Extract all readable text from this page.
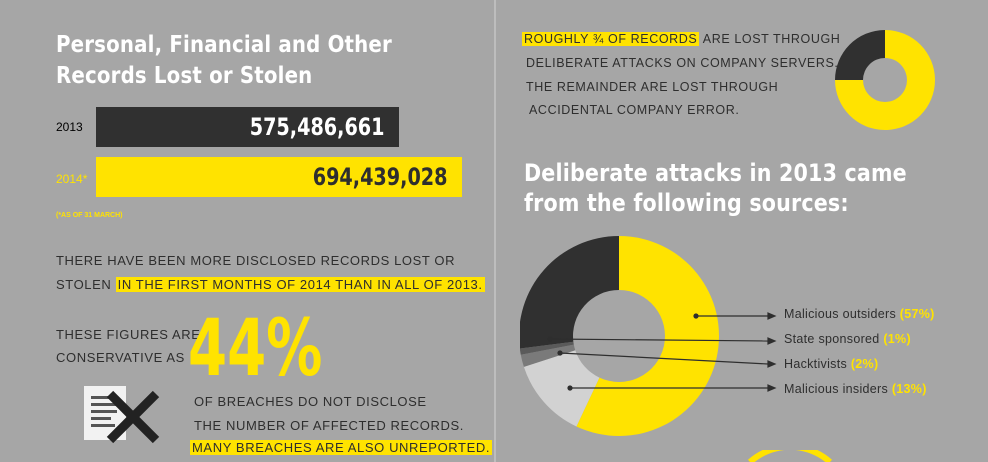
Personal, Financial and Other
Records Lost or Stolen
2013	575,486,661
2014*	694,439,028
(*AS OF 31 MARCH)
THERE HAVE BEEN MORE DISCLOSED RECORDS LOST OR
STOLEN IN THE FIRST MONTHS OF 2014 THAN IN ALL OF 2013.
THESE FIGURES ARE
CONSERVATIVE AS 44%
OF BREACHES DO NOT DISCLOSE
THE NUMBER OF AFFECTED RECORDS.
MANY BREACHES ARE ALSO UNREPORTED.
ROUGHLY ¾ OF RECORDS ARE LOST THROUGH
DELIBERATE ATTACKS ON COMPANY SERVERS.
THE REMAINDER ARE LOST THROUGH
ACCIDENTAL COMPANY ERROR.
Deliberate attacks in 2013 came
from the following sources:
Malicious outsiders (57%)
State sponsored (1%)
Hacktivists (2%)
Malicious insiders (13%)
